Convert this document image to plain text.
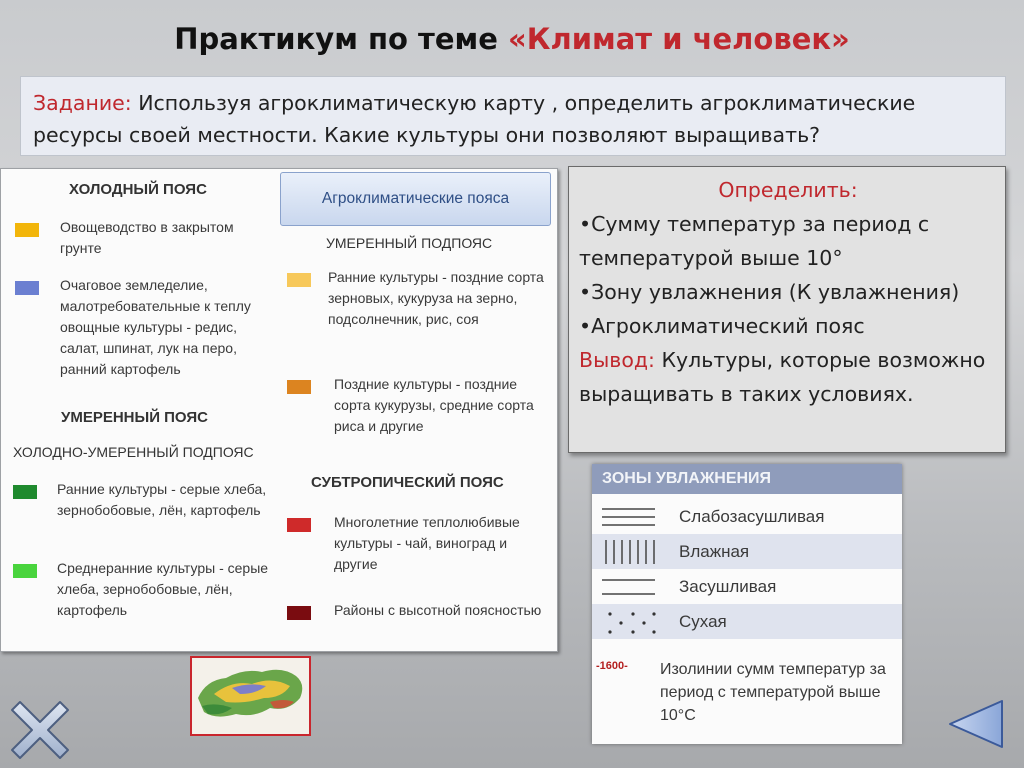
Практикум по теме «Климат и человек»
Задание: Используя агроклиматическую карту , определить агроклиматические ресурсы своей местности. Какие культуры они позволяют выращивать?
ХОЛОДНЫЙ ПОЯС
Овощеводство в закрытом грунте
Очаговое земледелие, малотребовательные к теплу овощные культуры - редис, салат, шпинат, лук на перо, ранний картофель
УМЕРЕННЫЙ ПОЯС
ХОЛОДНО-УМЕРЕННЫЙ ПОДПОЯС
Ранние культуры - серые хлеба, зернобобовые, лён, картофель
Среднеранние культуры - серые хлеба, зернобобовые, лён, картофель
Агроклиматические пояса
УМЕРЕННЫЙ ПОДПОЯС
Ранние культуры - поздние сорта зерновых, кукуруза на зерно, подсолнечник, рис, соя
Поздние культуры - поздние сорта кукурузы, средние сорта риса и другие
СУБТРОПИЧЕСКИЙ ПОЯС
Многолетние теплолюбивые культуры - чай, виноград и другие
Районы с высотной поясностью
Определить:
•Сумму температур за период с температурой выше 10°
•Зону увлажнения (К увлажнения)
•Агроклиматический пояс
Вывод: Культуры, которые возможно выращивать в таких условиях.
ЗОНЫ УВЛАЖНЕНИЯ
Слабозасушливая
Влажная
Засушливая
Сухая
-1600- Изолинии сумм температур за период с температурой выше 10°С
